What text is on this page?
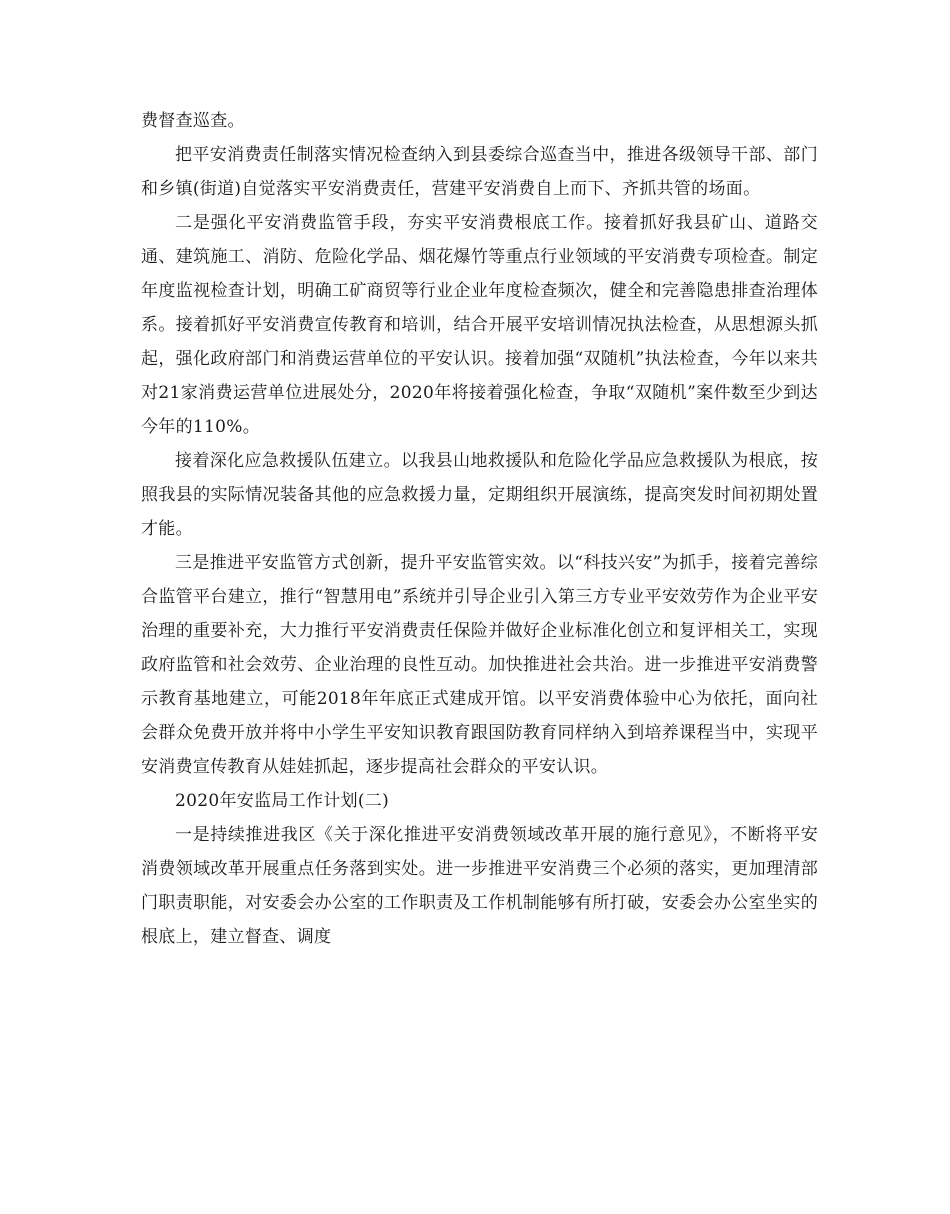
费督查巡查。

把平安消费责任制落实情况检查纳入到县委综合巡查当中，推进各级领导干部、部门和乡镇(街道)自觉落实平安消费责任，营建平安消费自上而下、齐抓共管的场面。

二是强化平安消费监管手段，夯实平安消费根底工作。接着抓好我县矿山、道路交通、建筑施工、消防、危险化学品、烟花爆竹等重点行业领域的平安消费专项检查。制定年度监视检查计划，明确工矿商贸等行业企业年度检查频次，健全和完善隐患排查治理体系。接着抓好平安消费宣传教育和培训，结合开展平安培训情况执法检查，从思想源头抓起，强化政府部门和消费运营单位的平安认识。接着加强“双随机”执法检查，今年以来共对21家消费运营单位进展处分，2020年将接着强化检查，争取“双随机”案件数至少到达今年的110%。

接着深化应急救援队伍建立。以我县山地救援队和危险化学品应急救援队为根底，按照我县的实际情况装备其他的应急救援力量，定期组织开展演练，提高突发时间初期处置才能。

三是推进平安监管方式创新，提升平安监管实效。以“科技兴安”为抓手，接着完善综合监管平台建立，推行“智慧用电”系统并引导企业引入第三方专业平安效劳作为企业平安治理的重要补充，大力推行平安消费责任保险并做好企业标准化创立和复评相关工，实现政府监管和社会效劳、企业治理的良性互动。加快推进社会共治。进一步推进平安消费警示教育基地建立，可能2018年年底正式建成开馆。以平安消费体验中心为依托，面向社会群众免费开放并将中小学生平安知识教育跟国防教育同样纳入到培养课程当中，实现平安消费宣传教育从娃娃抓起，逐步提高社会群众的平安认识。

2020年安监局工作计划(二)

一是持续推进我区《关于深化推进平安消费领域改革开展的施行意见》，不断将平安消费领域改革开展重点任务落到实处。进一步推进平安消费三个必须的落实，更加理清部门职责职能，对安委会办公室的工作职责及工作机制能够有所打破，安委会办公室坐实的根底上，建立督查、调度
